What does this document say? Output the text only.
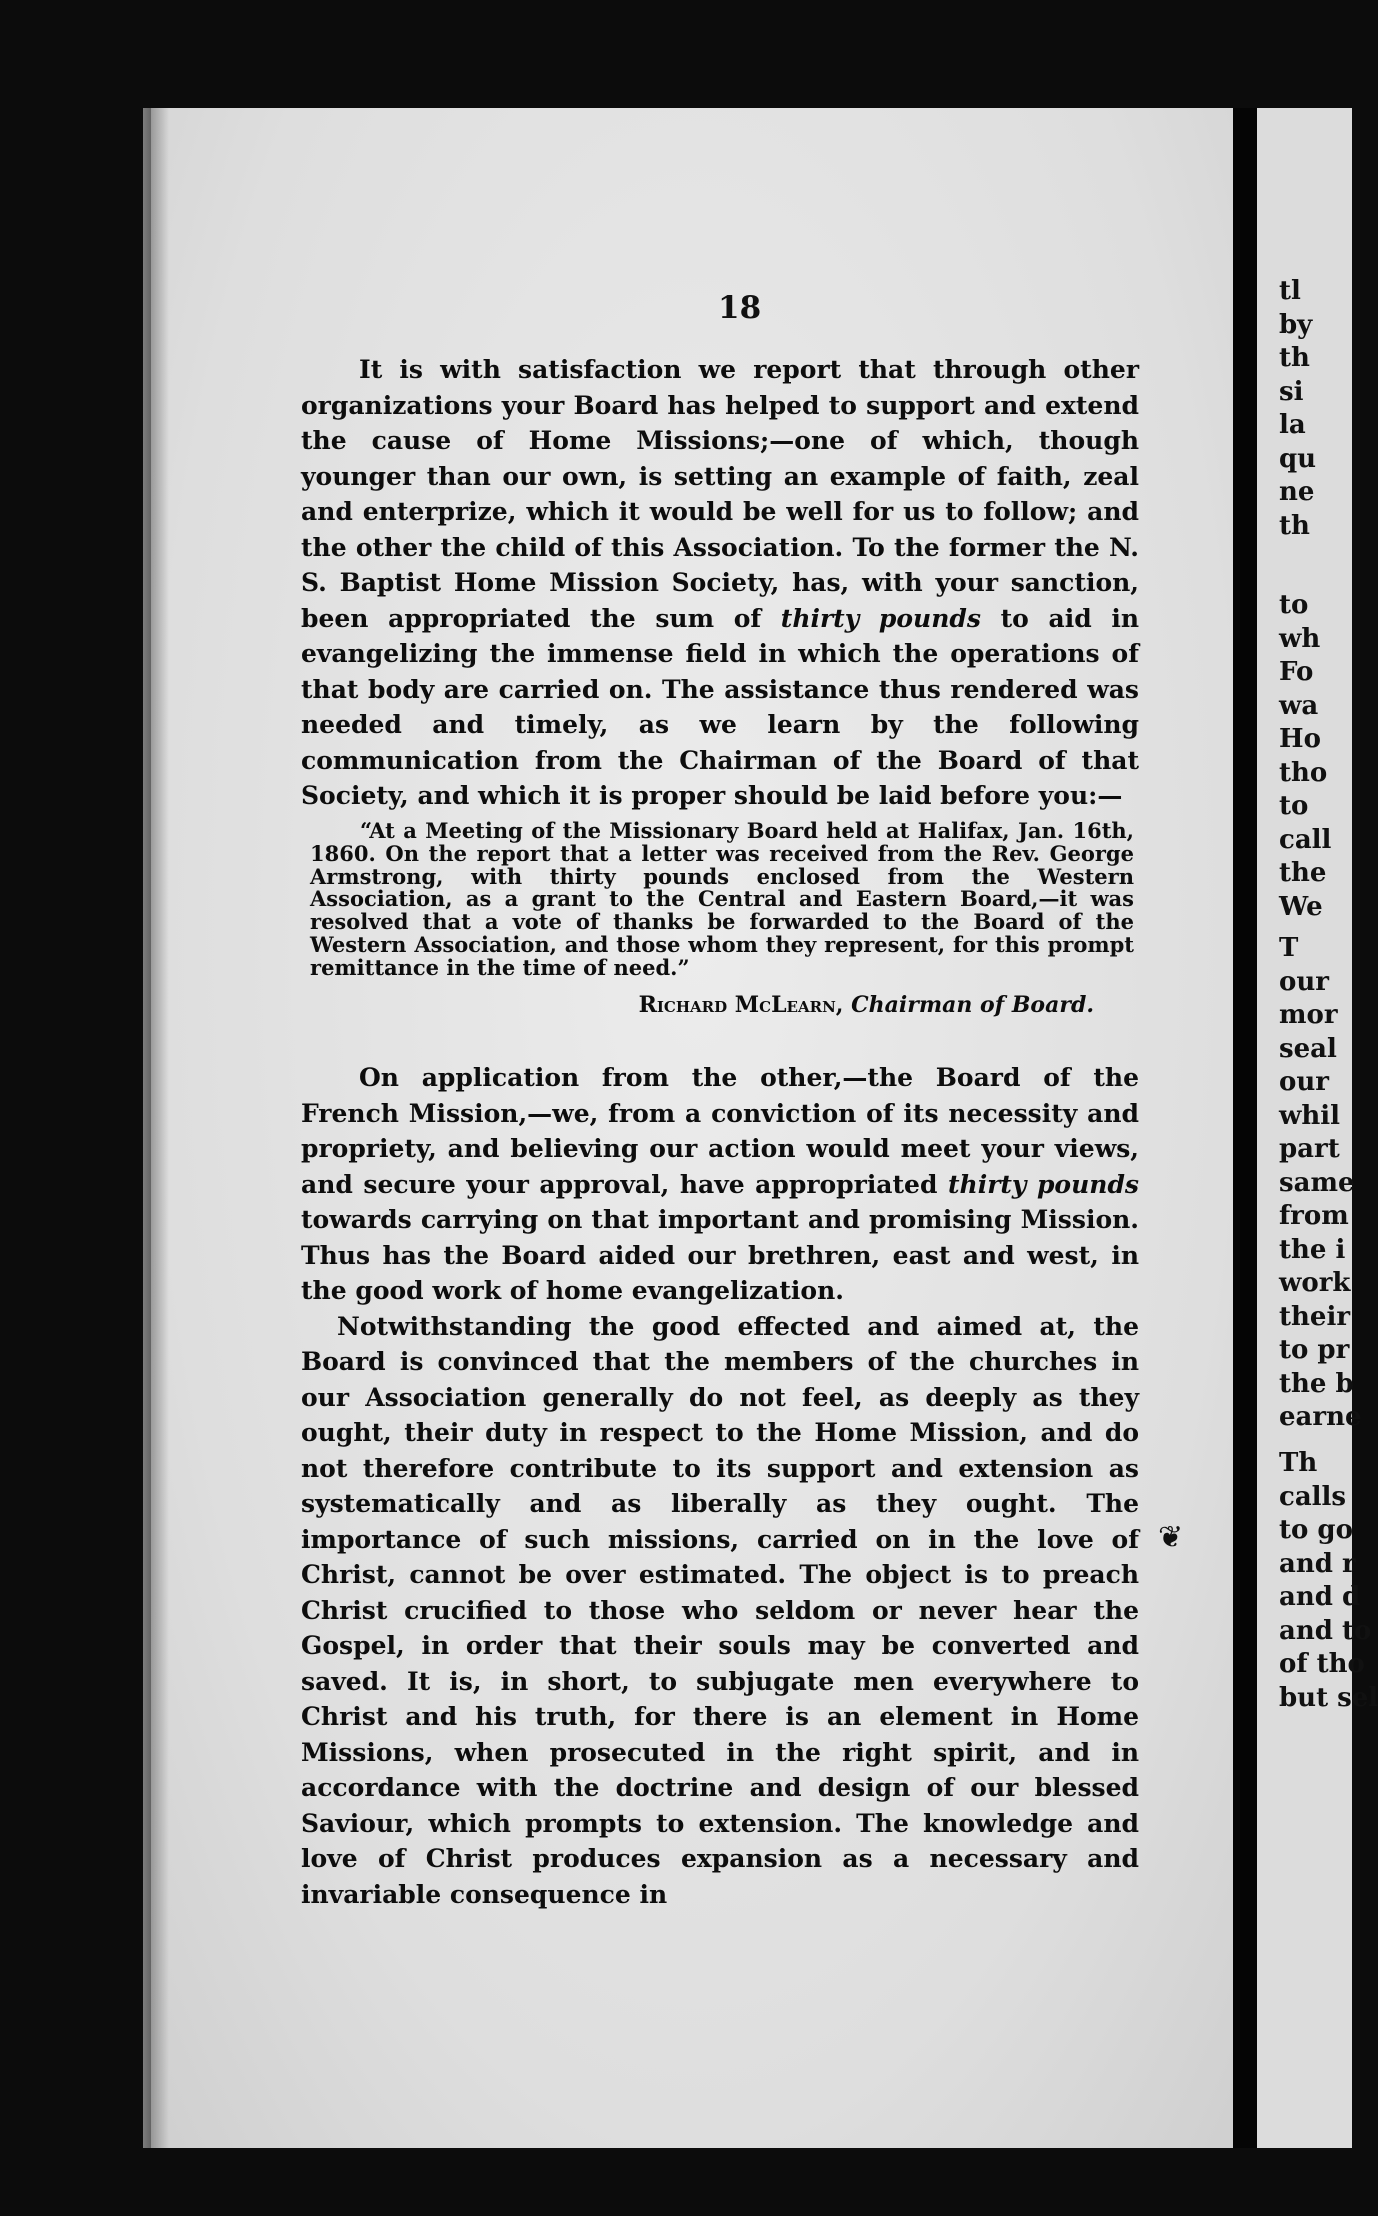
tl
by
th
si
la
qu
ne
th
to
wh
Fo
wa
Ho
tho
to
call
the
We
T
our
mor
seal
our
whil
part
same
from
the i
work
their
to pr
the b
earne
Th
calls
to go
and r
and d
and to
of tho
but sel
18

It is with satisfaction we report that through other organizations your Board has helped to support and extend the cause of Home Missions;—one of which, though younger than our own, is setting an example of faith, zeal and enterprize, which it would be well for us to follow; and the other the child of this Association. To the former the N. S. Baptist Home Mission Society, has, with your sanction, been appropriated the sum of thirty pounds to aid in evangelizing the immense field in which the operations of that body are carried on. The assistance thus rendered was needed and timely, as we learn by the following communication from the Chairman of the Board of that Society, and which it is proper should be laid before you:—

“At a Meeting of the Missionary Board held at Halifax, Jan. 16th, 1860. On the report that a letter was received from the Rev. George Armstrong, with thirty pounds enclosed from the Western Association, as a grant to the Central and Eastern Board,—it was resolved that a vote of thanks be forwarded to the Board of the Western Association, and those whom they represent, for this prompt remittance in the time of need.”

Richard McLearn, Chairman of Board.

On application from the other,—the Board of the French Mission,—we, from a conviction of its necessity and propriety, and believing our action would meet your views, and secure your approval, have appropriated thirty pounds towards carrying on that important and promising Mission. Thus has the Board aided our brethren, east and west, in the good work of home evangelization.

Notwithstanding the good effected and aimed at, the Board is convinced that the members of the churches in our Association generally do not feel, as deeply as they ought, their duty in respect to the Home Mission, and do not therefore contribute to its support and extension as systematically and as liberally as they ought. The importance of such missions, carried on in the love of Christ, cannot be over estimated. The object is to preach Christ crucified to those who seldom or never hear the Gospel, in order that their souls may be converted and saved. It is, in short, to subjugate men everywhere to Christ and his truth, for there is an element in Home Missions, when prosecuted in the right spirit, and in accordance with the doctrine and design of our blessed Saviour, which prompts to extension. The knowledge and love of Christ produces expansion as a necessary and invariable consequence in

❦
